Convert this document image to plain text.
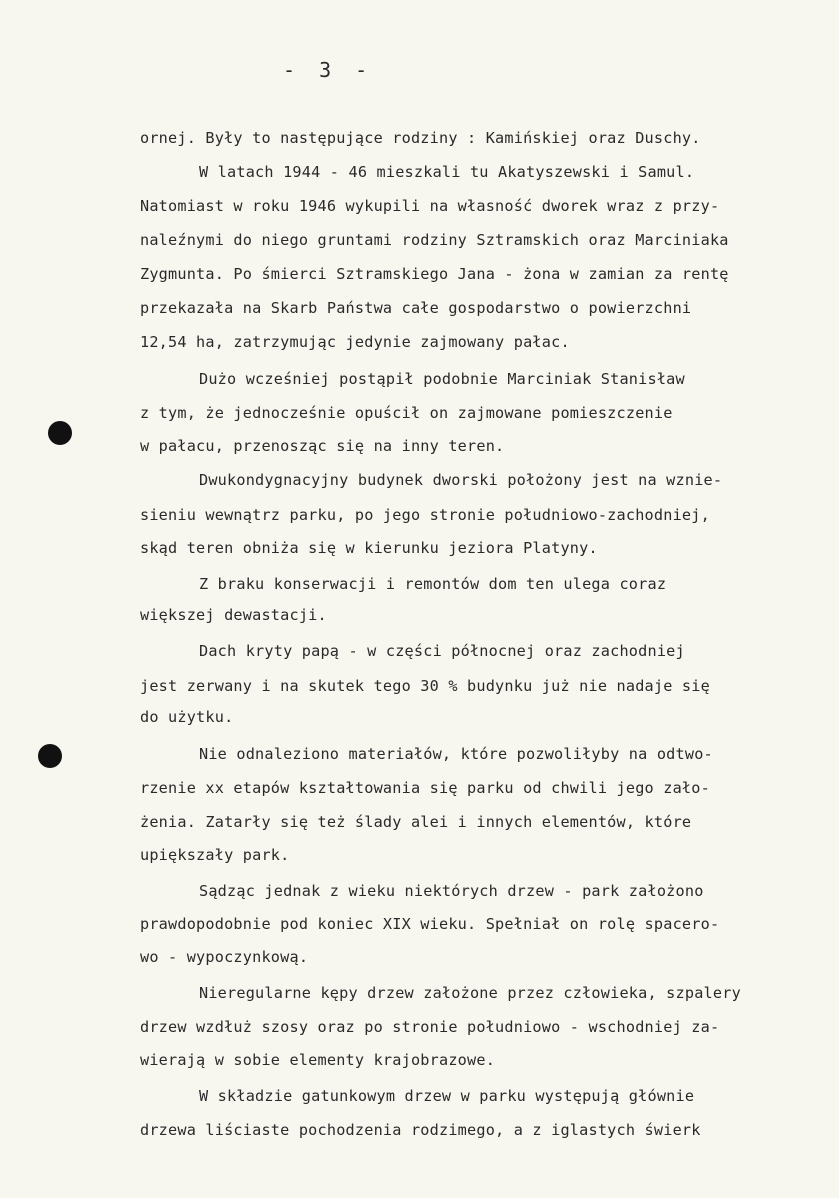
- 3 -
ornej. Były to następujące rodziny : Kamińskiej oraz Duschy.
W latach 1944 - 46 mieszkali tu Akatyszewski i Samul.
Natomiast w roku 1946 wykupili na własność dworek wraz z przy-
naleźnymi do niego gruntami rodziny Sztramskich oraz Marciniaka
Zygmunta. Po śmierci Sztramskiego Jana - żona w zamian za rentę
przekazała na Skarb Państwa całe gospodarstwo o powierzchni
12,54 ha, zatrzymując jedynie zajmowany pałac.
Dużo wcześniej postąpił podobnie Marciniak Stanisław
z tym, że jednocześnie opuścił on zajmowane pomieszczenie
w pałacu, przenosząc się na inny teren.
Dwukondygnacyjny budynek dworski położony jest na wznie-
sieniu wewnątrz parku, po jego stronie południowo-zachodniej,
skąd teren obniża się w kierunku jeziora Platyny.
Z braku konserwacji i remontów dom ten ulega coraz
większej dewastacji.
Dach kryty papą - w części północnej oraz zachodniej
jest zerwany i na skutek tego 30 % budynku już nie nadaje się
do użytku.
Nie odnaleziono materiałów, które pozwoliłyby na odtwo-
rzenie xx etapów kształtowania się parku od chwili jego zało-
żenia. Zatarły się też ślady alei i innych elementów, które
upiększały park.
Sądząc jednak z wieku niektórych drzew - park założono
prawdopodobnie pod koniec XIX wieku. Spełniał on rolę spacero-
wo - wypoczynkową.
Nieregularne kępy drzew założone przez człowieka, szpalery
drzew wzdłuż szosy oraz po stronie południowo - wschodniej za-
wierają w sobie elementy krajobrazowe.
W składzie gatunkowym drzew w parku występują głównie
drzewa liściaste pochodzenia rodzimego, a z iglastych świerk
